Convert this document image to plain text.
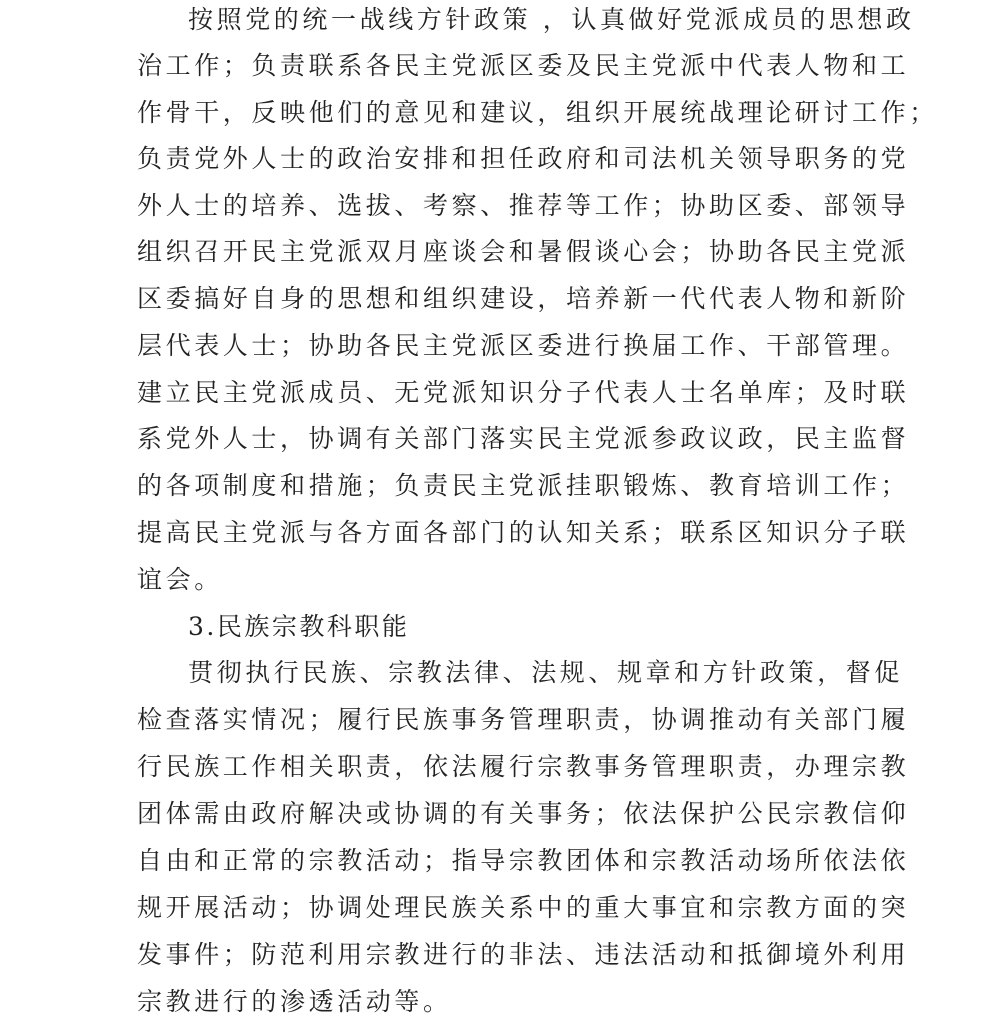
按照党的统一战线方针政策 ，认真做好党派成员的思想政
治工作；负责联系各民主党派区委及民主党派中代表人物和工
作骨干，反映他们的意见和建议，组织开展统战理论研讨工作；
负责党外人士的政治安排和担任政府和司法机关领导职务的党
外人士的培养、选拔、考察、推荐等工作；协助区委、部领导
组织召开民主党派双月座谈会和暑假谈心会；协助各民主党派
区委搞好自身的思想和组织建设，培养新一代代表人物和新阶
层代表人士；协助各民主党派区委进行换届工作、干部管理。
建立民主党派成员、无党派知识分子代表人士名单库；及时联
系党外人士，协调有关部门落实民主党派参政议政，民主监督
的各项制度和措施；负责民主党派挂职锻炼、教育培训工作；
提高民主党派与各方面各部门的认知关系；联系区知识分子联
谊会。
3.民族宗教科职能
贯彻执行民族、宗教法律、法规、规章和方针政策，督促
检查落实情况；履行民族事务管理职责，协调推动有关部门履
行民族工作相关职责，依法履行宗教事务管理职责，办理宗教
团体需由政府解决或协调的有关事务；依法保护公民宗教信仰
自由和正常的宗教活动；指导宗教团体和宗教活动场所依法依
规开展活动；协调处理民族关系中的重大事宜和宗教方面的突
发事件；防范利用宗教进行的非法、违法活动和抵御境外利用
宗教进行的渗透活动等。
